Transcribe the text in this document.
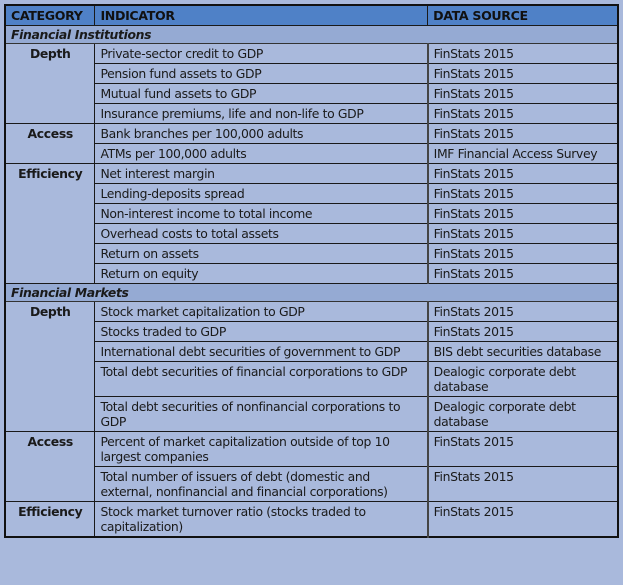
CATEGORY	INDICATOR	DATA SOURCE
Financial Institutions		
Depth	Private-sector credit to GDP	FinStats 2015
	Pension fund assets to GDP	FinStats 2015
	Mutual fund assets to GDP	FinStats 2015
	Insurance premiums, life and non-life to GDP	FinStats 2015
Access	Bank branches per 100,000 adults	FinStats 2015
	ATMs per 100,000 adults	IMF Financial Access Survey
Efficiency	Net interest margin	FinStats 2015
	Lending-deposits spread	FinStats 2015
	Non-interest income to total income	FinStats 2015
	Overhead costs to total assets	FinStats 2015
	Return on assets	FinStats 2015
	Return on equity	FinStats 2015
Financial Markets		
Depth	Stock market capitalization to GDP	FinStats 2015
	Stocks traded to GDP	FinStats 2015
	International debt securities of government to GDP	BIS debt securities database
	Total debt securities of financial corporations to GDP	Dealogic corporate debt database
	Total debt securities of nonfinancial corporations to GDP	Dealogic corporate debt database
Access	Percent of market capitalization outside of top 10 largest companies	FinStats 2015
	Total number of issuers of debt (domestic and external, nonfinancial and financial corporations)	FinStats 2015
Efficiency	Stock market turnover ratio (stocks traded to capitalization)	FinStats 2015
